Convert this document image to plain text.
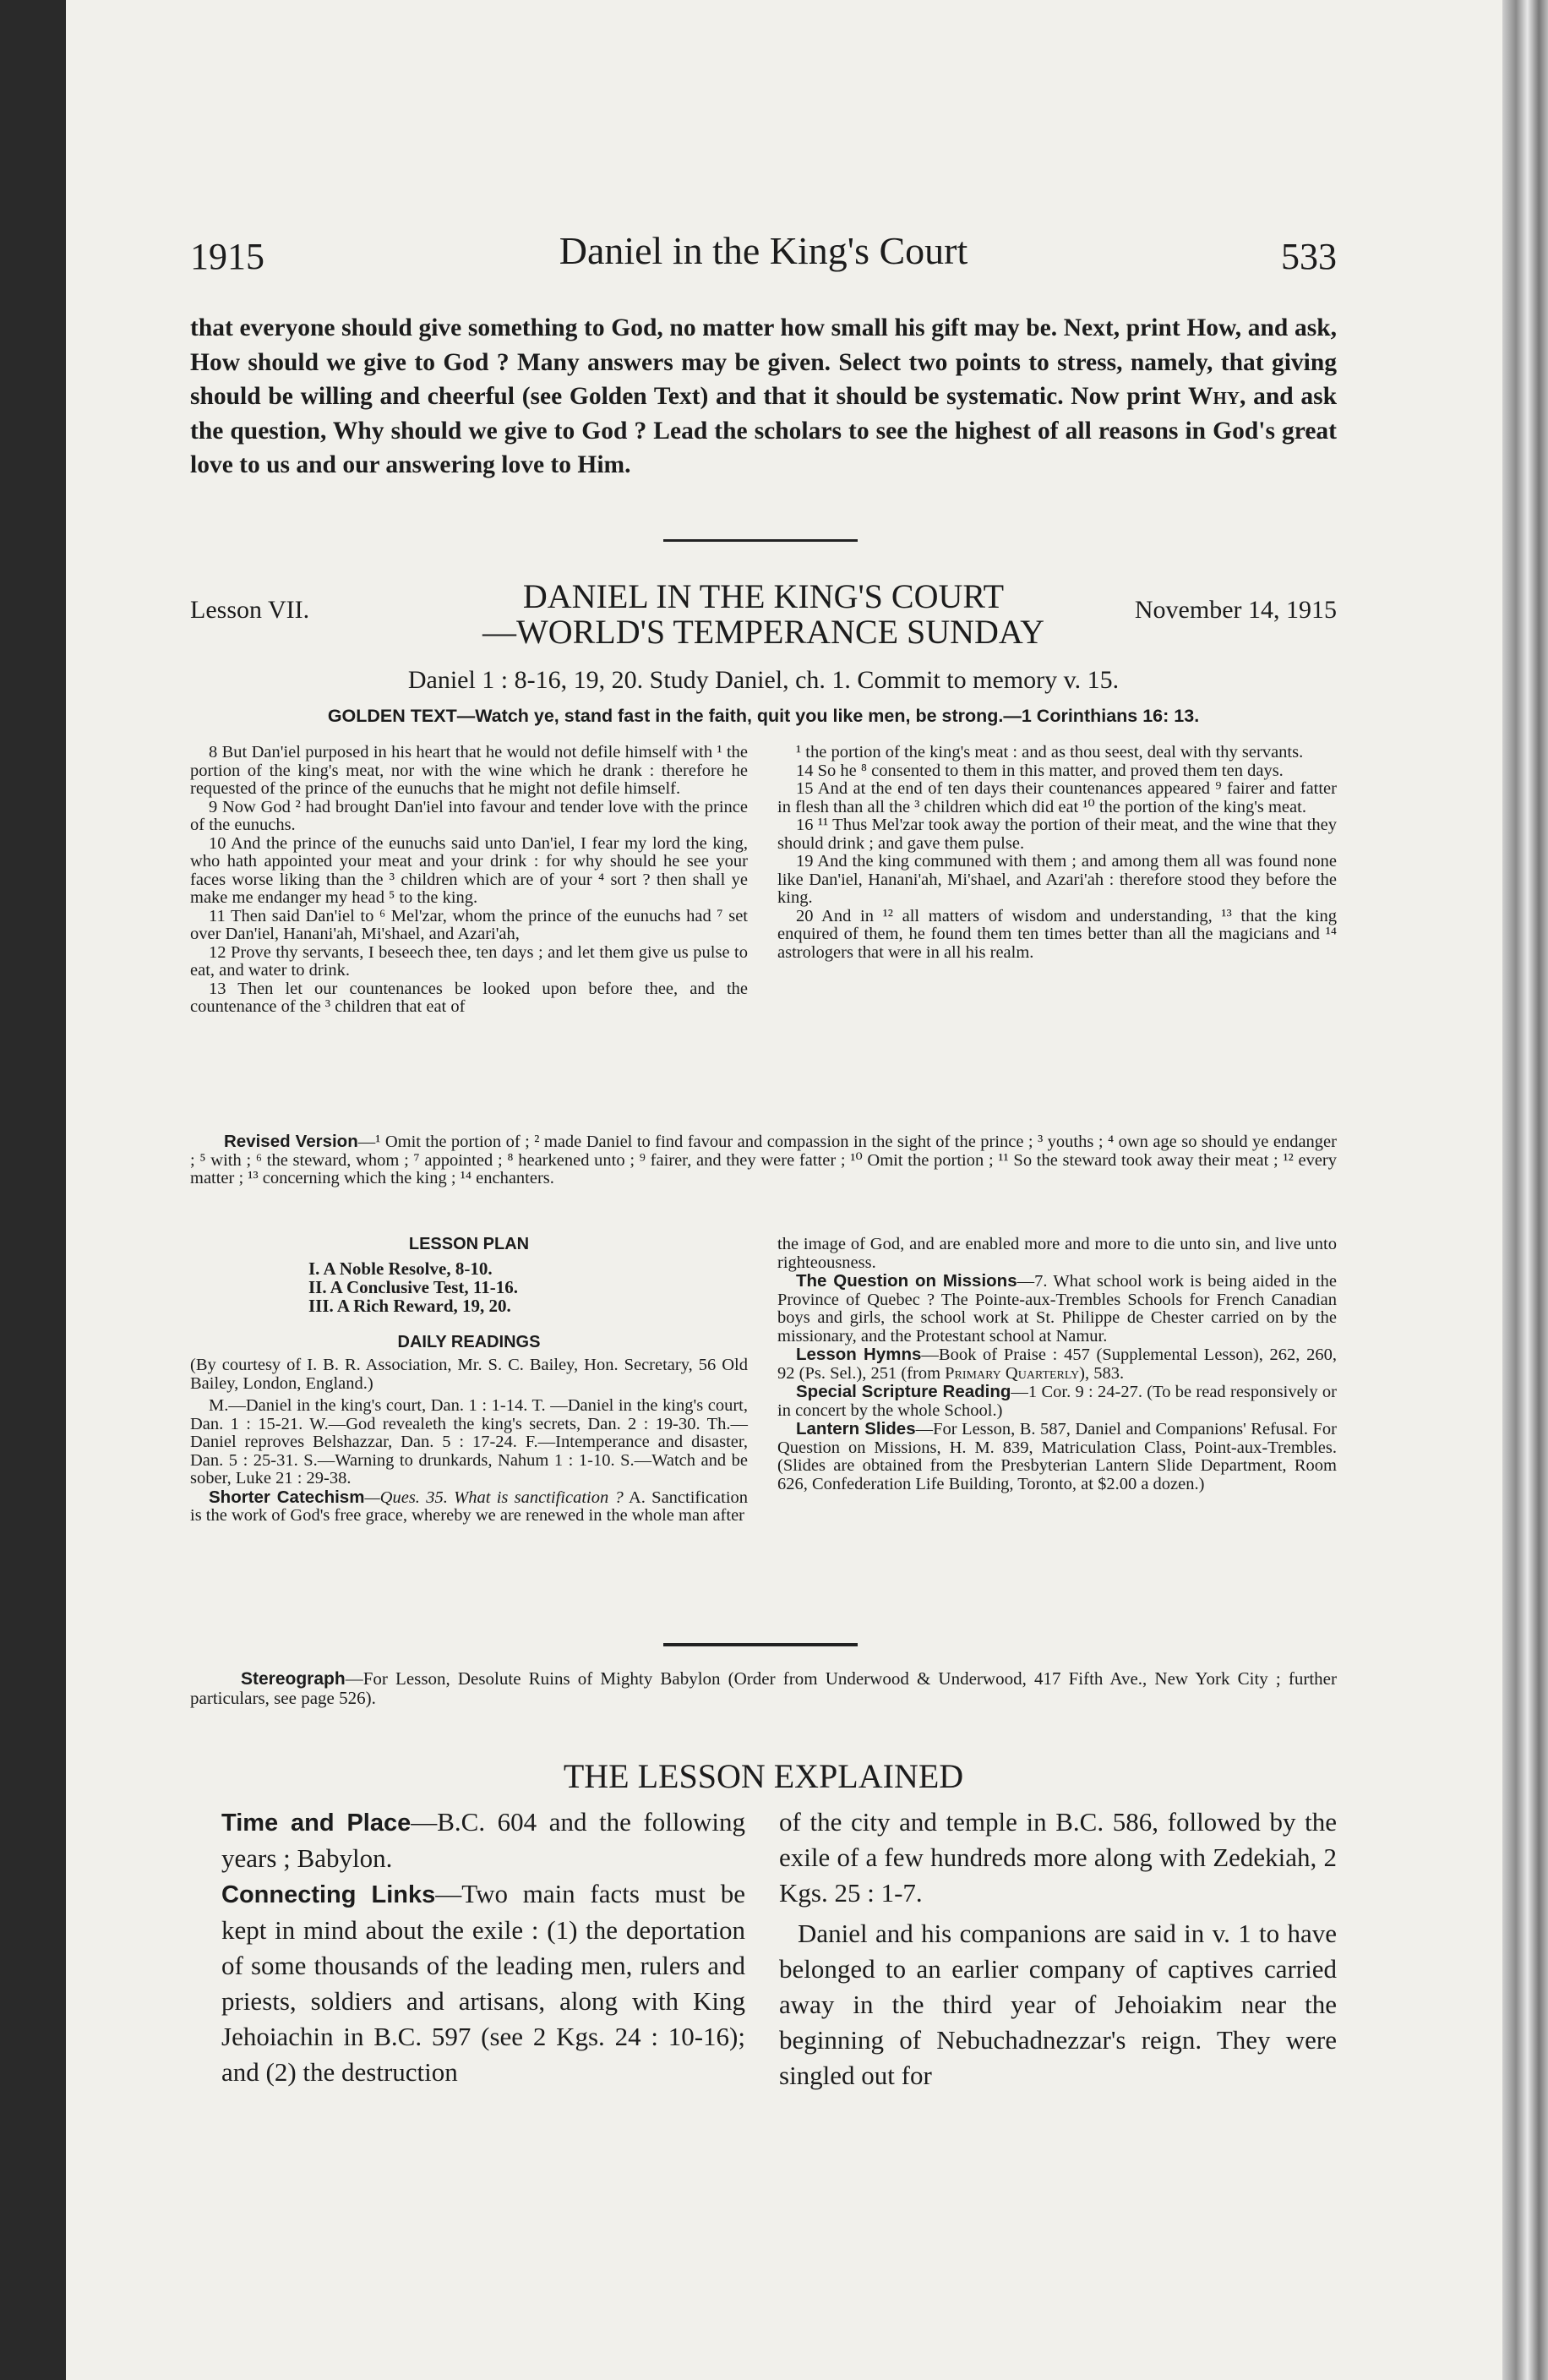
1915	Daniel in the King's Court	533

that everyone should give something to God, no matter how small his gift may be. Next, print How, and ask, How should we give to God ? Many answers may be given. Select two points to stress, namely, that giving should be willing and cheerful (see Golden Text) and that it should be systematic. Now print Why, and ask the question, Why should we give to God ? Lead the scholars to see the highest of all reasons in God's great love to us and our answering love to Him.

Lesson VII.	DANIEL IN THE KING'S COURT
—WORLD'S TEMPERANCE SUNDAY
November 14, 1915
Daniel 1 : 8-16, 19, 20. Study Daniel, ch. 1. Commit to memory v. 15.
GOLDEN TEXT—Watch ye, stand fast in the faith, quit you like men, be strong.—1 Corinthians 16: 13.

8 But Dan'iel purposed in his heart that he would not defile himself with ¹ the portion of the king's meat, nor with the wine which he drank : therefore he requested of the prince of the eunuchs that he might not defile himself.

9 Now God ² had brought Dan'iel into favour and tender love with the prince of the eunuchs.

10 And the prince of the eunuchs said unto Dan'iel, I fear my lord the king, who hath appointed your meat and your drink : for why should he see your faces worse liking than the ³ children which are of your ⁴ sort ? then shall ye make me endanger my head ⁵ to the king.

11 Then said Dan'iel to ⁶ Mel'zar, whom the prince of the eunuchs had ⁷ set over Dan'iel, Hanani'ah, Mi'shael, and Azari'ah,

12 Prove thy servants, I beseech thee, ten days ; and let them give us pulse to eat, and water to drink.

13 Then let our countenances be looked upon before thee, and the countenance of the ³ children that eat of

¹ the portion of the king's meat : and as thou seest, deal with thy servants.

14 So he ⁸ consented to them in this matter, and proved them ten days.

15 And at the end of ten days their countenances appeared ⁹ fairer and fatter in flesh than all the ³ children which did eat ¹⁰ the portion of the king's meat.

16 ¹¹ Thus Mel'zar took away the portion of their meat, and the wine that they should drink ; and gave them pulse.

19 And the king communed with them ; and among them all was found none like Dan'iel, Hanani'ah, Mi'shael, and Azari'ah : therefore stood they before the king.

20 And in ¹² all matters of wisdom and understanding, ¹³ that the king enquired of them, he found them ten times better than all the magicians and ¹⁴ astrologers that were in all his realm.

Revised Version—¹ Omit the portion of ; ² made Daniel to find favour and compassion in the sight of the prince ; ³ youths ; ⁴ own age so should ye endanger ; ⁵ with ; ⁶ the steward, whom ; ⁷ appointed ; ⁸ hearkened unto ; ⁹ fairer, and they were fatter ; ¹⁰ Omit the portion ; ¹¹ So the steward took away their meat ; ¹² every matter ; ¹³ concerning which the king ; ¹⁴ enchanters.
LESSON PLAN
I. A Noble Resolve, 8-10.
II. A Conclusive Test, 11-16.
III. A Rich Reward, 19, 20.
DAILY READINGS

(By courtesy of I. B. R. Association, Mr. S. C. Bailey, Hon. Secretary, 56 Old Bailey, London, England.)

M.—Daniel in the king's court, Dan. 1 : 1-14. T. —Daniel in the king's court, Dan. 1 : 15-21. W.—God revealeth the king's secrets, Dan. 2 : 19-30. Th.—Daniel reproves Belshazzar, Dan. 5 : 17-24. F.—Intemperance and disaster, Dan. 5 : 25-31. S.—Warning to drunkards, Nahum 1 : 1-10. S.—Watch and be sober, Luke 21 : 29-38.

Shorter Catechism—Ques. 35. What is sanctification ? A. Sanctification is the work of God's free grace, whereby we are renewed in the whole man after

the image of God, and are enabled more and more to die unto sin, and live unto righteousness.

The Question on Missions—7. What school work is being aided in the Province of Quebec ? The Pointe-aux-Trembles Schools for French Canadian boys and girls, the school work at St. Philippe de Chester carried on by the missionary, and the Protestant school at Namur.

Lesson Hymns—Book of Praise : 457 (Supplemental Lesson), 262, 260, 92 (Ps. Sel.), 251 (from Primary Quarterly), 583.

Special Scripture Reading—1 Cor. 9 : 24-27. (To be read responsively or in concert by the whole School.)

Lantern Slides—For Lesson, B. 587, Daniel and Companions' Refusal. For Question on Missions, H. M. 839, Matriculation Class, Point-aux-Trembles. (Slides are obtained from the Presbyterian Lantern Slide Department, Room 626, Confederation Life Building, Toronto, at $2.00 a dozen.)

Stereograph—For Lesson, Desolute Ruins of Mighty Babylon (Order from Underwood & Underwood, 417 Fifth Ave., New York City ; further particulars, see page 526).
THE LESSON EXPLAINED

Time and Place—B.C. 604 and the following years ; Babylon.

Connecting Links—Two main facts must be kept in mind about the exile : (1) the deportation of some thousands of the leading men, rulers and priests, soldiers and artisans, along with King Jehoiachin in B.C. 597 (see 2 Kgs. 24 : 10-16); and (2) the destruction

of the city and temple in B.C. 586, followed by the exile of a few hundreds more along with Zedekiah, 2 Kgs. 25 : 1-7.

Daniel and his companions are said in v. 1 to have belonged to an earlier company of captives carried away in the third year of Jehoiakim near the beginning of Nebuchadnezzar's reign. They were singled out for
